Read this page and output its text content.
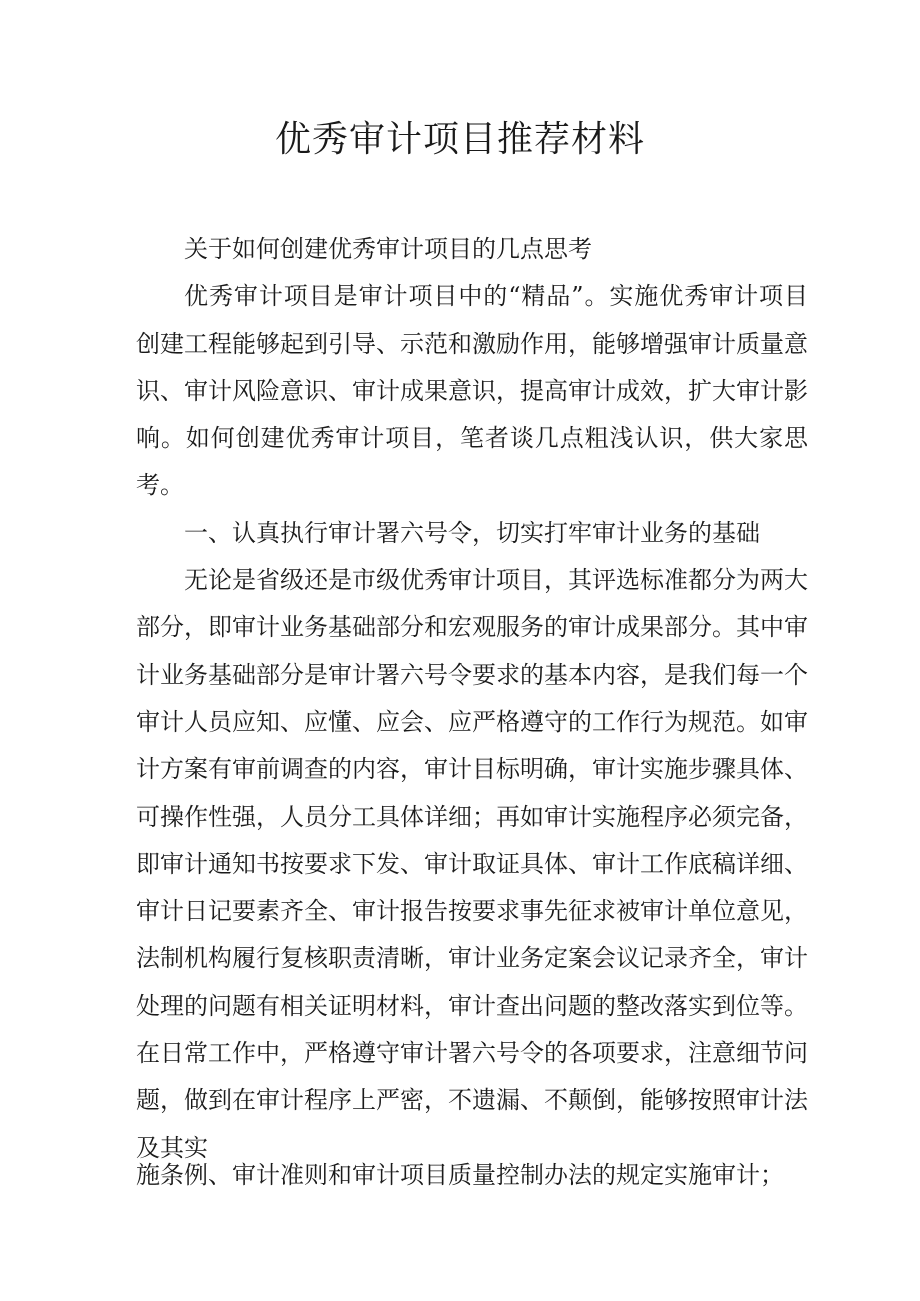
优秀审计项目推荐材料

关于如何创建优秀审计项目的几点思考

优秀审计项目是审计项目中的“精品”。实施优秀审计项目创建工程能够起到引导、示范和激励作用，能够增强审计质量意识、审计风险意识、审计成果意识，提高审计成效，扩大审计影响。如何创建优秀审计项目，笔者谈几点粗浅认识，供大家思考。

一、认真执行审计署六号令，切实打牢审计业务的基础

无论是省级还是市级优秀审计项目，其评选标准都分为两大部分，即审计业务基础部分和宏观服务的审计成果部分。其中审计业务基础部分是审计署六号令要求的基本内容，是我们每一个审计人员应知、应懂、应会、应严格遵守的工作行为规范。如审计方案有审前调查的内容，审计目标明确，审计实施步骤具体、可操作性强，人员分工具体详细；再如审计实施程序必须完备，即审计通知书按要求下发、审计取证具体、审计工作底稿详细、审计日记要素齐全、审计报告按要求事先征求被审计单位意见，法制机构履行复核职责清晰，审计业务定案会议记录齐全，审计处理的问题有相关证明材料，审计查出问题的整改落实到位等。在日常工作中，严格遵守审计署六号令的各项要求，注意细节问题，做到在审计程序上严密，不遗漏、不颠倒，能够按照审计法及其实

施条例、审计准则和审计项目质量控制办法的规定实施审计；
